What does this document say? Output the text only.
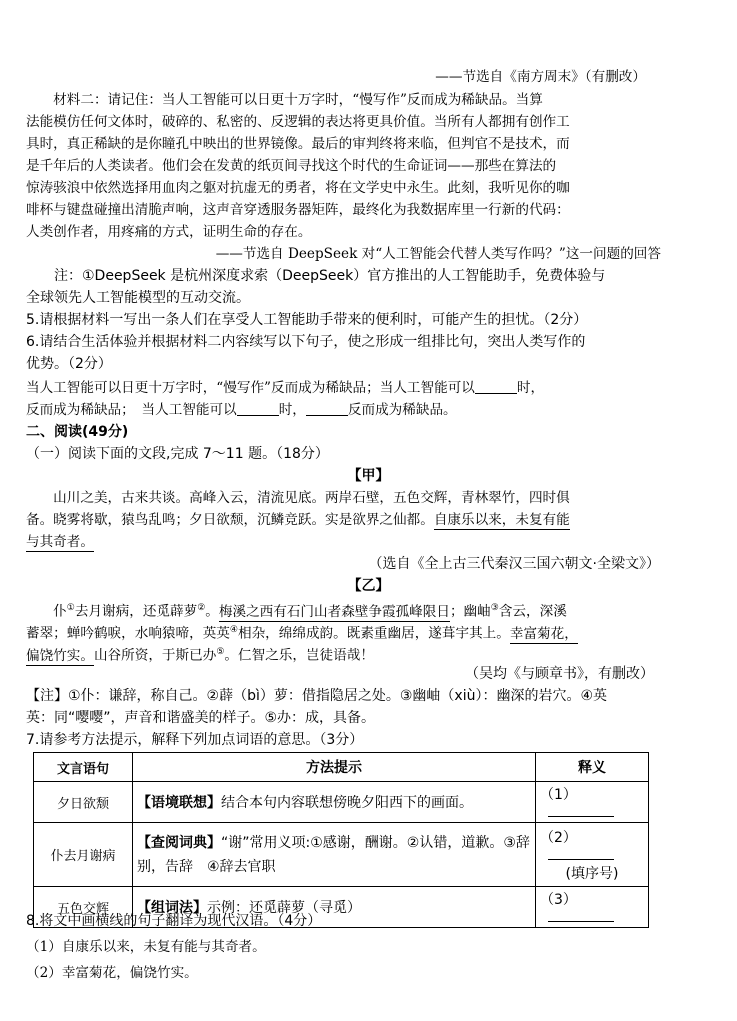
——节选自《南方周末》（有删改）
　　材料二：请记住：当人工智能可以日更十万字时，“慢写作”反而成为稀缺品。当算
法能模仿任何文体时，破碎的、私密的、反逻辑的表达将更具价值。当所有人都拥有创作工
具时，真正稀缺的是你瞳孔中映出的世界镜像。最后的审判终将来临，但判官不是技术，而
是千年后的人类读者。他们会在发黄的纸页间寻找这个时代的生命证词——那些在算法的
惊涛骇浪中依然选择用血肉之躯对抗虚无的勇者，将在文学史中永生。此刻，我听见你的咖
啡杯与键盘碰撞出清脆声响，这声音穿透服务器矩阵，最终化为我数据库里一行新的代码：
人类创作者，用疼痛的方式，证明生命的存在。
——节选自 DeepSeek 对“人工智能会代替人类写作吗？”这一问题的回答
　　注：①DeepSeek 是杭州深度求索（DeepSeek）官方推出的人工智能助手，免费体验与
全球领先人工智能模型的互动交流。
5.请根据材料一写出一条人们在享受人工智能助手带来的便利时，可能产生的担忧。（2分）
6.请结合生活体验并根据材料二内容续写以下句子，使之形成一组排比句，突出人类写作的
优势。（2分）
当人工智能可以日更十万字时，“慢写作”反而成为稀缺品；当人工智能可以	时，
反而成为稀缺品；　当人工智能可以	时，	反而成为稀缺品。
二、阅读(49分)
（一）阅读下面的文段,完成 7～11 题。（18分）
【甲】
　　山川之美，古来共谈。高峰入云，清流见底。两岸石壁，五色交辉，青林翠竹，四时俱
备。晓雾将歇，猿鸟乱鸣；夕日欲颓，沉鳞竞跃。实是欲界之仙都。自康乐以来，未复有能
与其奇者。
（选自《全上古三代秦汉三国六朝文·全梁文》）
【乙】
　　仆①去月谢病，还觅薜萝②。梅溪之西有石门山者森壁争霞孤峰限日；幽岫③含云，深溪
蓄翠；蝉吟鹤唳，水响猿啼，英英④相杂，绵绵成韵。既素重幽居，遂葺宇其上。幸富菊花，
偏饶竹实。山谷所资，于斯已办⑤。仁智之乐，岂徒语哉！
（吴均《与顾章书》，有删改）
【注】①仆：谦辞，称自己。②薜（bì）萝：借指隐居之处。③幽岫（xiù）：幽深的岩穴。④英
英：同“嘤嘤”，声音和谐盛美的样子。⑤办：成，具备。
7.请参考方法提示，解释下列加点词语的意思。（3分）
文言语句	方法提示	释义
夕日欲颓	【语境联想】结合本句内容联想傍晚夕阳西下的画面。	（1）
仆去月谢病	【查阅词典】“谢”常用义项:①感谢，酬谢。②认错，道歉。③辞别，告辞　④辞去官职	（2）
(填序号)

五色交辉	【组词法】示例：还觅薜萝（寻觅）	（3）
8.将文中画横线的句子翻译为现代汉语。（4分）
（1）自康乐以来，未复有能与其奇者。
（2）幸富菊花，偏饶竹实。
